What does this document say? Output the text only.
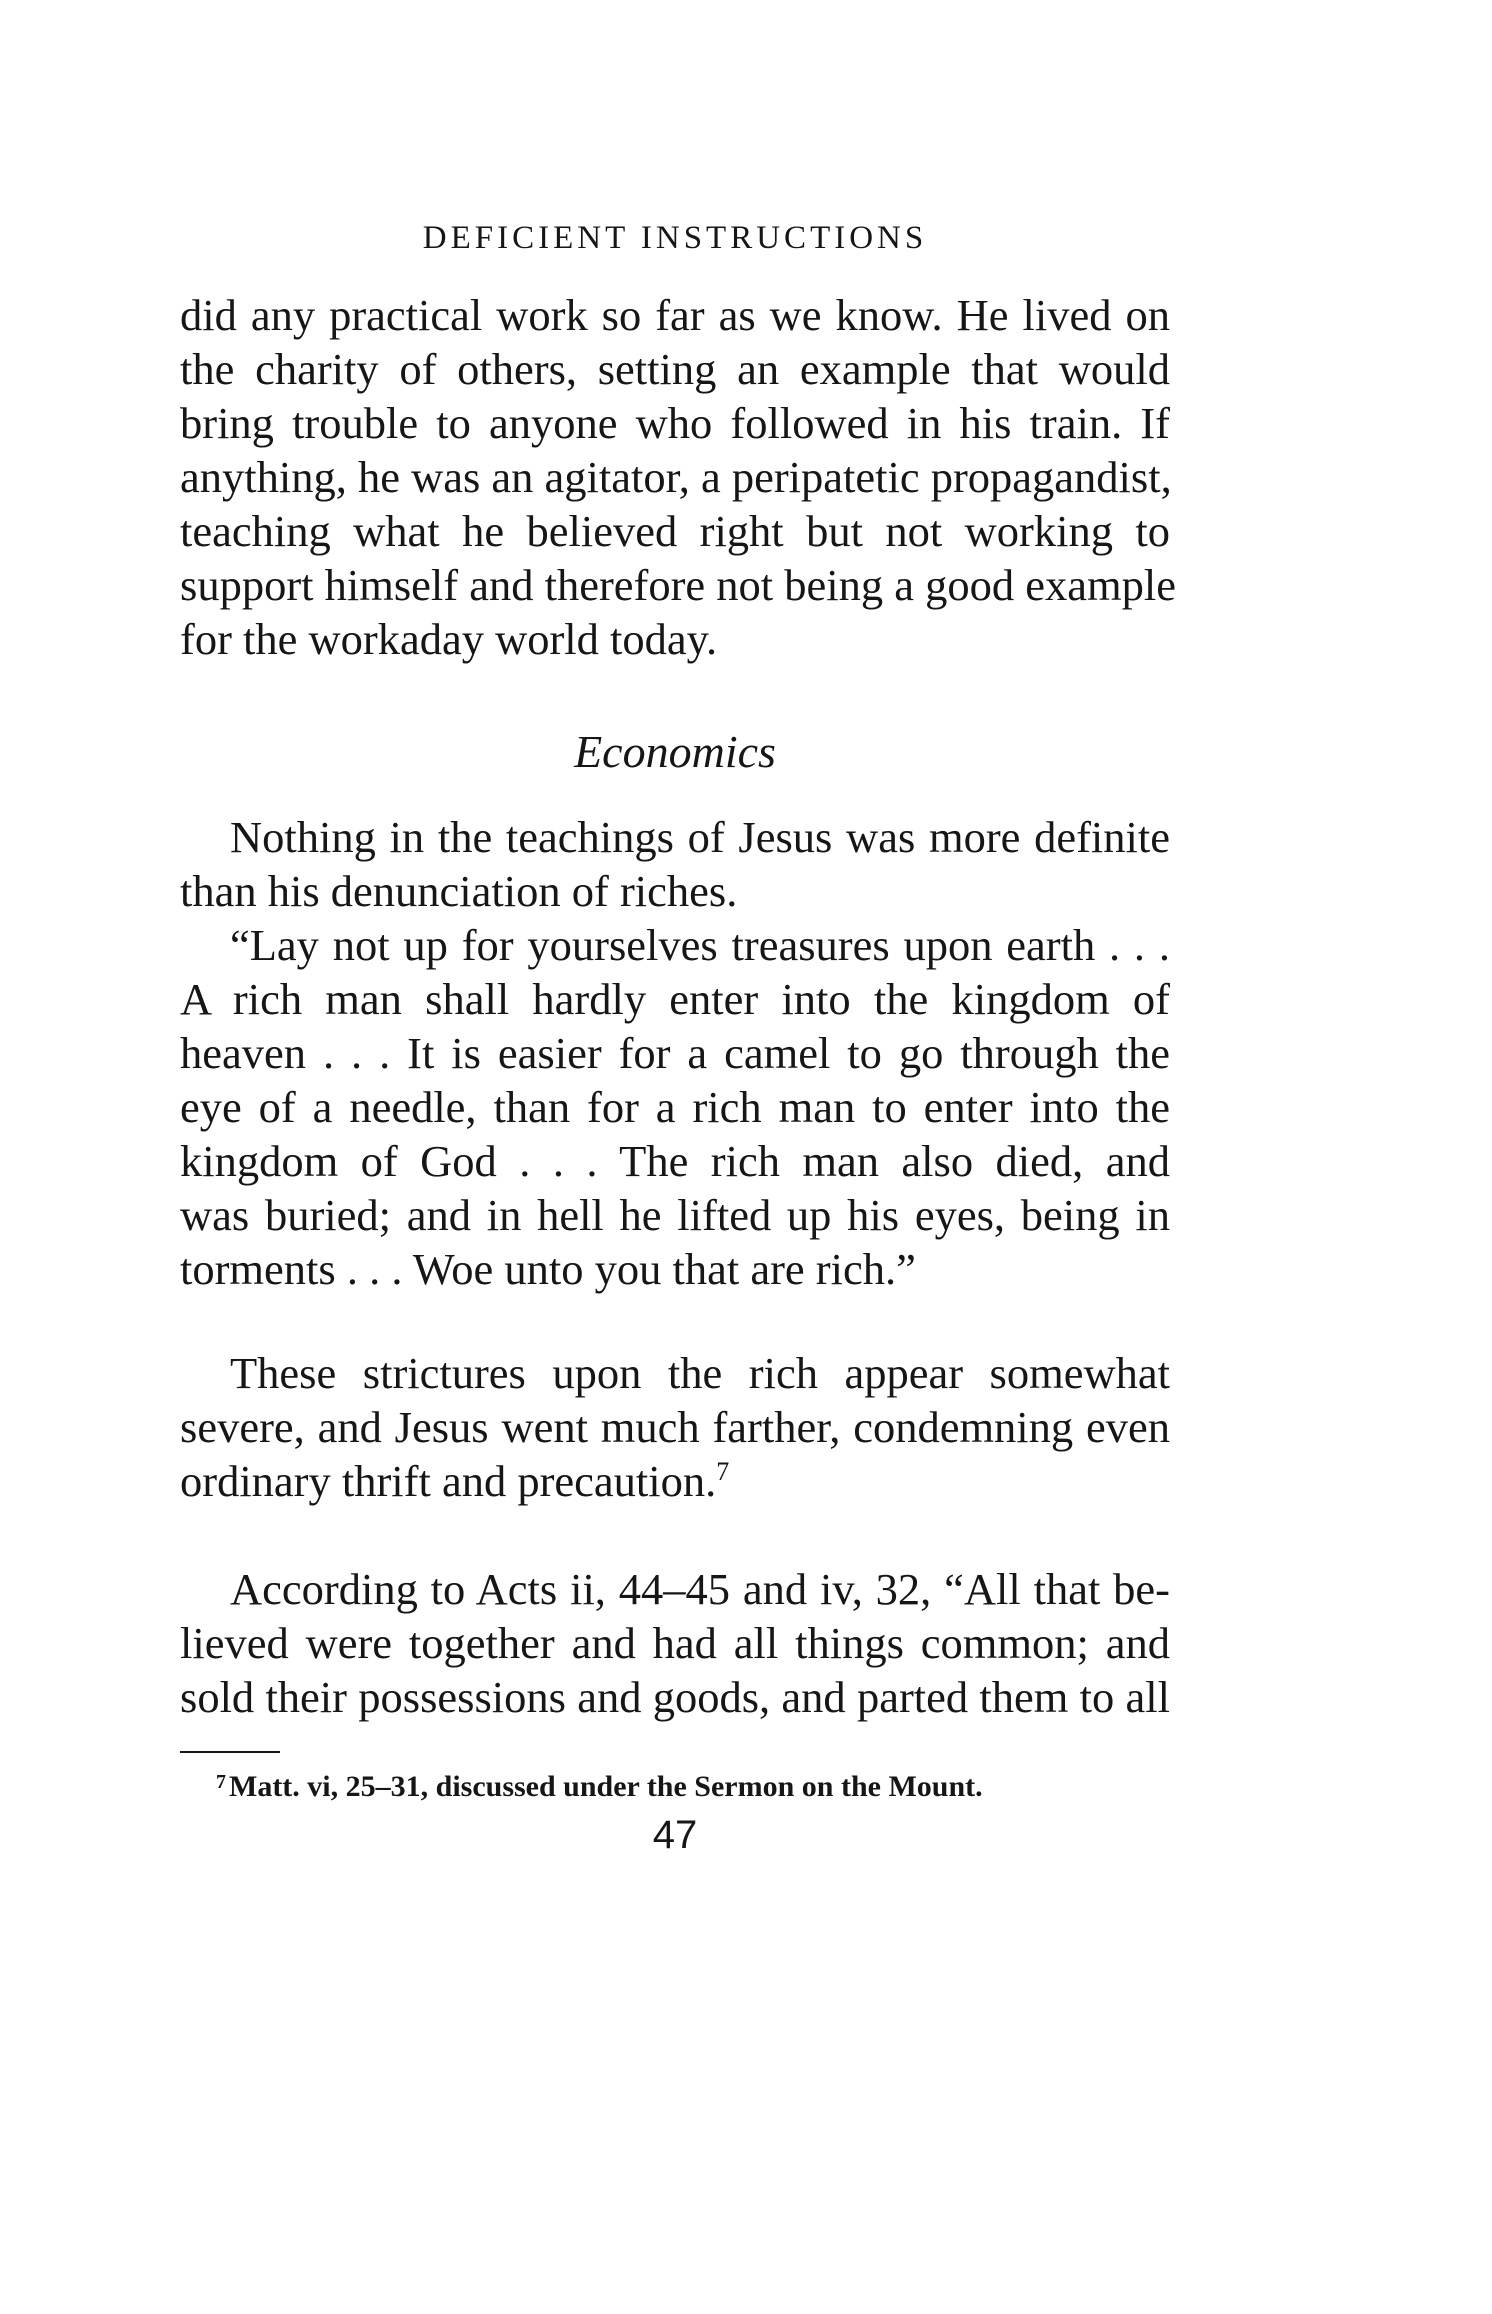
DEFICIENT INSTRUCTIONS
did any practical work so far as we know. He lived on
the charity of others, setting an example that would
bring trouble to anyone who followed in his train. If
anything, he was an agitator, a peripatetic propagandist,
teaching what he believed right but not working to
support himself and therefore not being a good example
for the workaday world today.
Economics
Nothing in the teachings of Jesus was more definite
than his denunciation of riches.
“Lay not up for yourselves treasures upon earth . . .
A rich man shall hardly enter into the kingdom of
heaven . . . It is easier for a camel to go through the
eye of a needle, than for a rich man to enter into the
kingdom of God . . . The rich man also died, and
was buried; and in hell he lifted up his eyes, being in
torments . . . Woe unto you that are rich.”
These strictures upon the rich appear somewhat
severe, and Jesus went much farther, condemning even
ordinary thrift and precaution.$^7$
According to Acts ii, 44–45 and iv, 32, “All that be-
lieved were together and had all things common; and
sold their possessions and goods, and parted them to all
$^7$ Matt. vi, 25–31, discussed under the Sermon on the Mount.
47
